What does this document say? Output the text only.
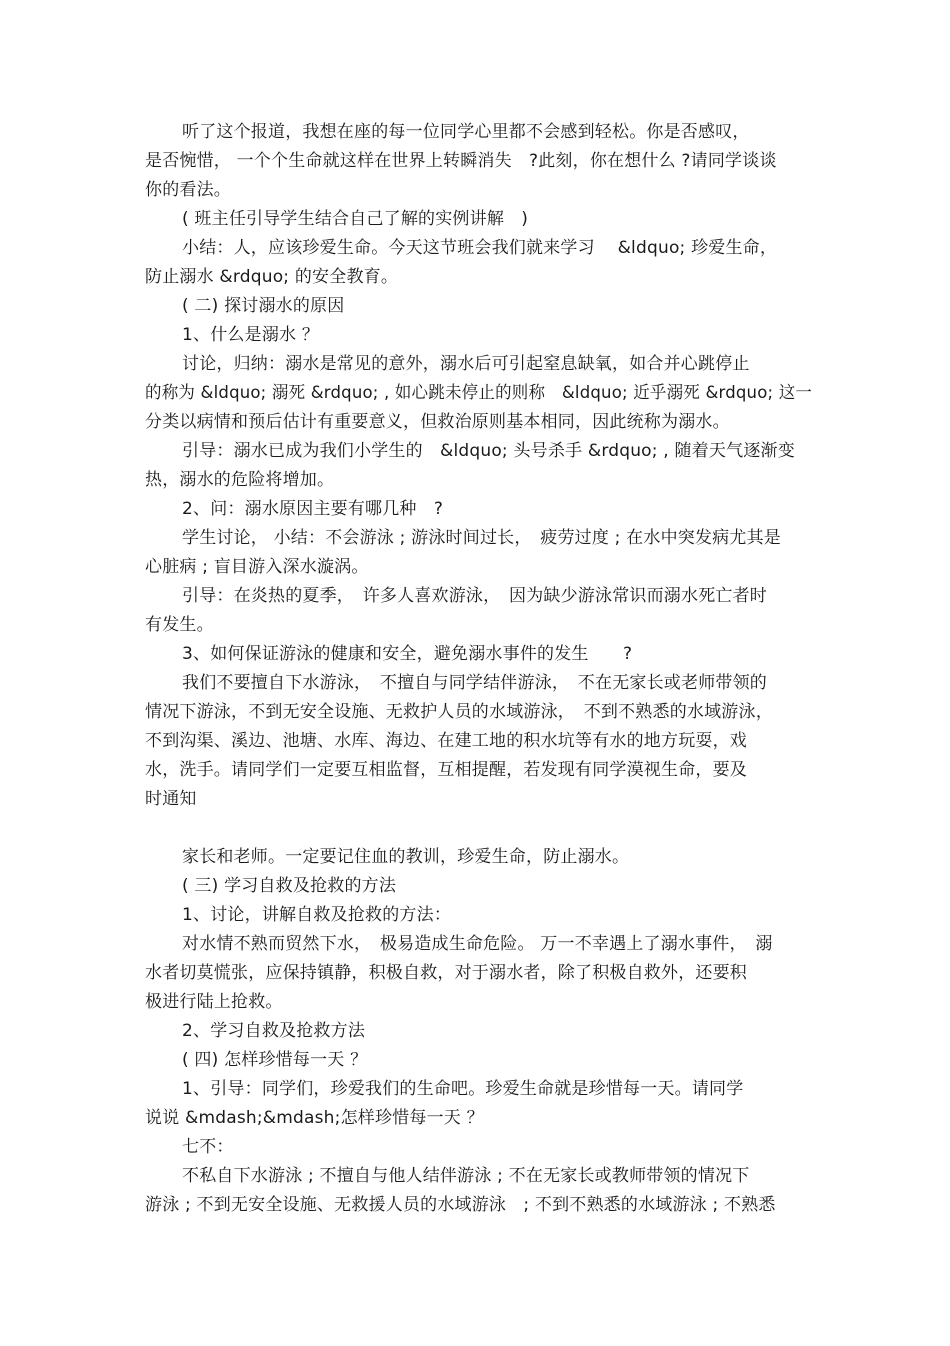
听了这个报道，我想在座的每一位同学心里都不会感到轻松。你是否感叹，
是否惋惜， 一个个生命就这样在世界上转瞬消失　?此刻，你在想什么 ?请同学谈谈
你的看法。
( 班主任引导学生结合自己了解的实例讲解　)
小结：人，应该珍爱生命。今天这节班会我们就来学习　 &ldquo; 珍爱生命，
防止溺水 &rdquo; 的安全教育。
( 二) 探讨溺水的原因
1、什么是溺水 ？
讨论，归纳：溺水是常见的意外，溺水后可引起窒息缺氧，如合并心跳停止
的称为 &ldquo; 溺死 &rdquo; , 如心跳未停止的则称　&ldquo; 近乎溺死 &rdquo; 这一
分类以病情和预后估计有重要意义，但救治原则基本相同，因此统称为溺水。
引导：溺水已成为我们小学生的　&ldquo; 头号杀手 &rdquo; , 随着天气逐渐变
热，溺水的危险将增加。
2、问：溺水原因主要有哪几种　?
学生讨论， 小结：不会游泳 ; 游泳时间过长，　疲劳过度 ; 在水中突发病尤其是
心脏病 ; 盲目游入深水漩涡。
引导：在炎热的夏季，　许多人喜欢游泳，　因为缺少游泳常识而溺水死亡者时
有发生。
3、如何保证游泳的健康和安全，避免溺水事件的发生　　?
我们不要擅自下水游泳，　不擅自与同学结伴游泳，　不在无家长或老师带领的
情况下游泳，不到无安全设施、无救护人员的水域游泳，　不到不熟悉的水域游泳，
不到沟渠、溪边、池塘、水库、海边、在建工地的积水坑等有水的地方玩耍，戏
水，洗手。请同学们一定要互相监督，互相提醒，若发现有同学漠视生命，要及
时通知
家长和老师。一定要记住血的教训，珍爱生命，防止溺水。
( 三) 学习自救及抢救的方法
1、讨论，讲解自救及抢救的方法：
对水情不熟而贸然下水，　极易造成生命危险。 万一不幸遇上了溺水事件，　溺
水者切莫慌张，应保持镇静，积极自救，对于溺水者，除了积极自救外，还要积
极进行陆上抢救。
2、学习自救及抢救方法
( 四) 怎样珍惜每一天 ？
1、引导：同学们，珍爱我们的生命吧。珍爱生命就是珍惜每一天。请同学
说说 &mdash;&mdash;怎样珍惜每一天 ？
七不：
不私自下水游泳 ; 不擅自与他人结伴游泳 ; 不在无家长或教师带领的情况下
游泳 ; 不到无安全设施、无救援人员的水域游泳　; 不到不熟悉的水域游泳 ; 不熟悉
